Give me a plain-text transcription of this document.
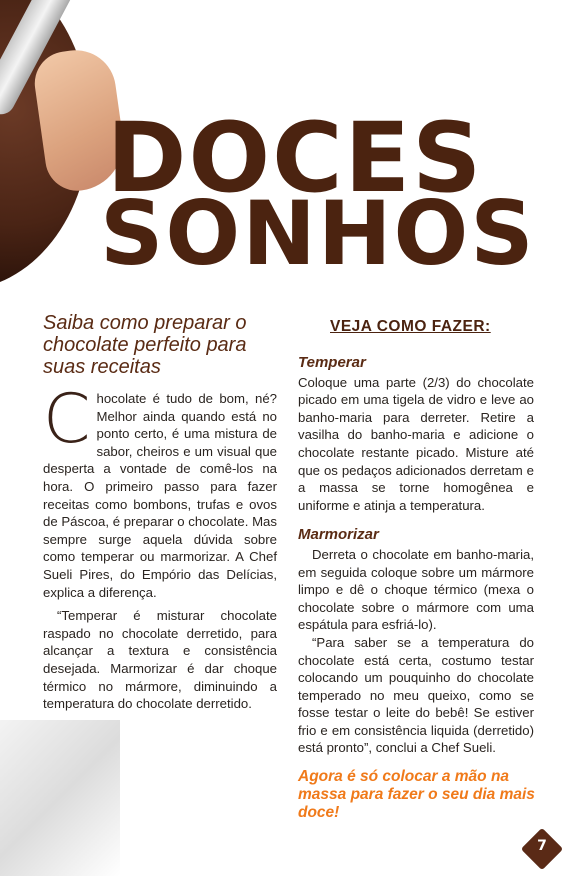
DOCES
SONHOS
Saiba como preparar o chocolate perfeito para suas receitas
C hocolate é tudo de bom, né? Melhor ainda quando está no ponto certo, é uma mistura de sabor, cheiros e um visual que desperta a vontade de comê-los na hora. O primeiro passo para fazer receitas como bombons, trufas e ovos de Páscoa, é preparar o chocolate. Mas sempre surge aquela dúvida sobre como temperar ou marmorizar. A Chef Sueli Pires, do Empório das Delícias, explica a diferença.

“Temperar é misturar chocolate raspado no chocolate derretido, para alcançar a textura e consistência desejada. Marmorizar é dar choque térmico no mármore, diminuindo a temperatura do chocolate derretido.

VEJA COMO FAZER:
Temperar

Coloque uma parte (2/3) do chocolate picado em uma tigela de vidro e leve ao banho-maria para derreter. Retire a vasilha do banho-maria e adicione o chocolate restante picado. Misture até que os pedaços adicionados derretam e a massa se torne homogênea e uniforme e atinja a temperatura.

Marmorizar

Derreta o chocolate em banho-maria, em seguida coloque sobre um mármore limpo e dê o choque térmico (mexa o chocolate sobre o mármore com uma espátula para esfriá-lo).

“Para saber se a temperatura do chocolate está certa, costumo testar colocando um pouquinho do chocolate temperado no meu queixo, como se fosse testar o leite do bebê! Se estiver frio e em consistência liquida (derretido) está pronto”, conclui a Chef Sueli.

Agora é só colocar a mão na massa para fazer o seu dia mais doce!
7
